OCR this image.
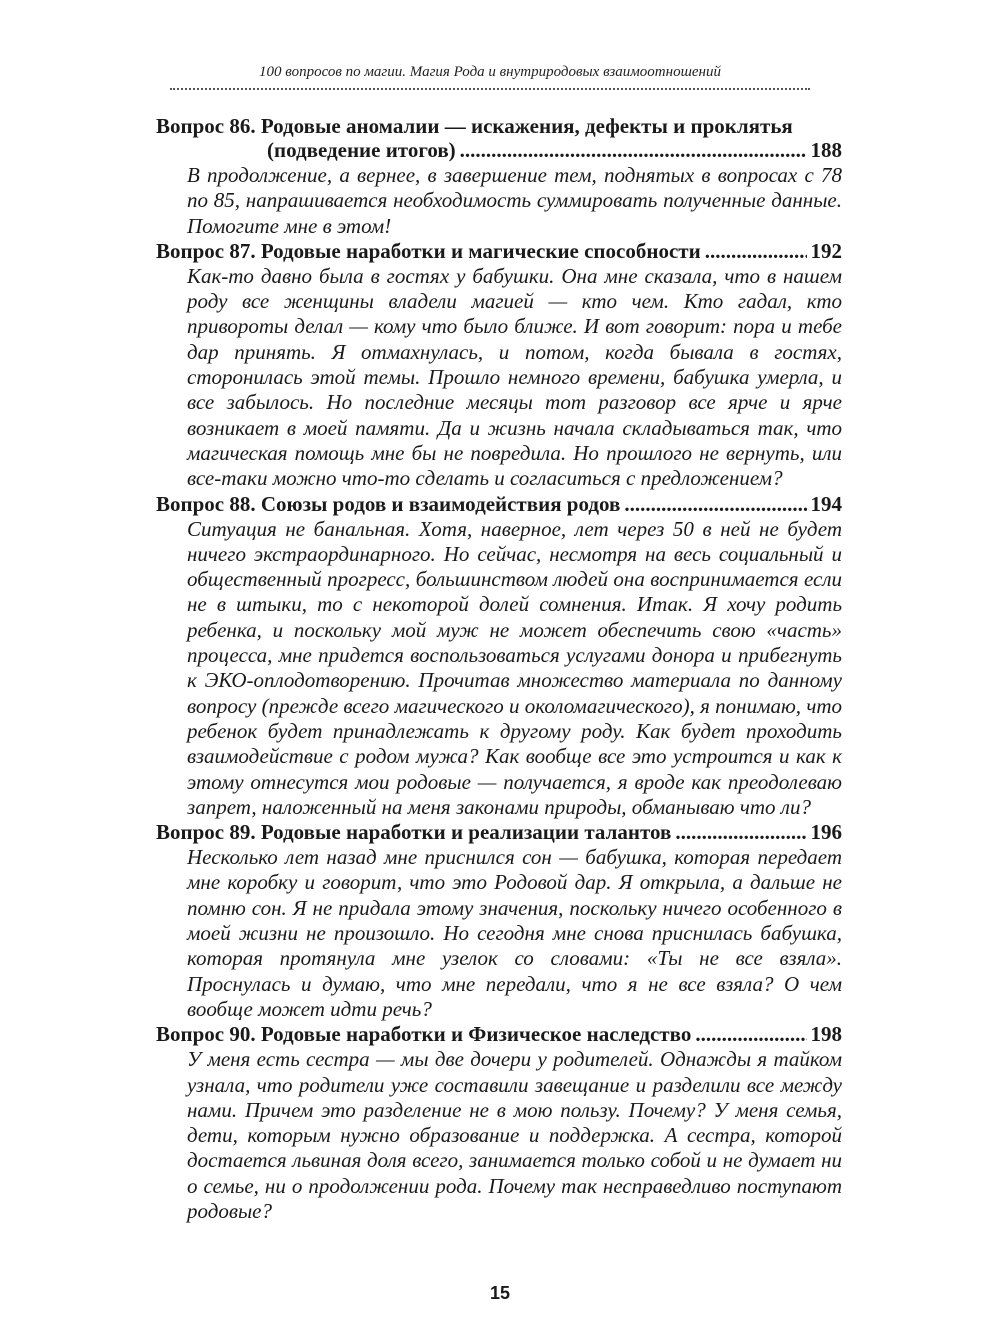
100 вопросов по магии. Магия Рода и внутриродовых взаимоотношений
Вопрос 86. Родовые аномалии — искажения, дефекты и проклятья
(подведение итогов) .....	188

В продолжение, а вернее, в завершение тем, поднятых в вопросах с 78 по 85, напрашивается необходимость суммировать полученные данные. Помогите мне в этом!

Вопрос 87. Родовые наработки и магические способности .....	192

Как-то давно была в гостях у бабушки. Она мне сказала, что в нашем роду все женщины владели магией — кто чем. Кто гадал, кто привороты делал — кому что было ближе. И вот говорит: пора и тебе дар принять. Я отмахнулась, и потом, когда бывала в гостях, сторонилась этой темы. Прошло немного времени, бабушка умерла, и все забылось. Но последние месяцы тот разговор все ярче и ярче возникает в моей памяти. Да и жизнь начала складываться так, что магическая помощь мне бы не повредила. Но прошлого не вернуть, или все-таки можно что-то сделать и согласиться с предложением?

Вопрос 88. Союзы родов и взаимодействия родов .....	194

Ситуация не банальная. Хотя, наверное, лет через 50 в ней не будет ничего экстраординарного. Но сейчас, несмотря на весь социальный и общественный прогресс, большинством людей она воспринимается если не в штыки, то с некоторой долей сомнения. Итак. Я хочу родить ребенка, и поскольку мой муж не может обеспечить свою «часть» процесса, мне придется воспользоваться услугами донора и прибегнуть к ЭКО-оплодотворению. Прочитав множество материала по данному вопросу (прежде всего магического и околомагического), я понимаю, что ребенок будет принадлежать к другому роду. Как будет проходить взаимодействие с родом мужа? Как вообще все это устроится и как к этому отнесутся мои родовые — получается, я вроде как преодолеваю запрет, наложенный на меня законами природы, обманываю что ли?

Вопрос 89. Родовые наработки и реализации талантов .....	196

Несколько лет назад мне приснился сон — бабушка, которая передает мне коробку и говорит, что это Родовой дар. Я открыла, а дальше не помню сон. Я не придала этому значения, поскольку ничего особенного в моей жизни не произошло. Но сегодня мне снова приснилась бабушка, которая протянула мне узелок со словами: «Ты не все взяла». Проснулась и думаю, что мне передали, что я не все взяла? О чем вообще может идти речь?

Вопрос 90. Родовые наработки и Физическое наследство .....	198

У меня есть сестра — мы две дочери у родителей. Однажды я тайком узнала, что родители уже составили завещание и разделили все между нами. Причем это разделение не в мою пользу. Почему? У меня семья, дети, которым нужно образование и поддержка. А сестра, которой достается львиная доля всего, занимается только собой и не думает ни о семье, ни о продолжении рода. Почему так несправедливо поступают родовые?

15
